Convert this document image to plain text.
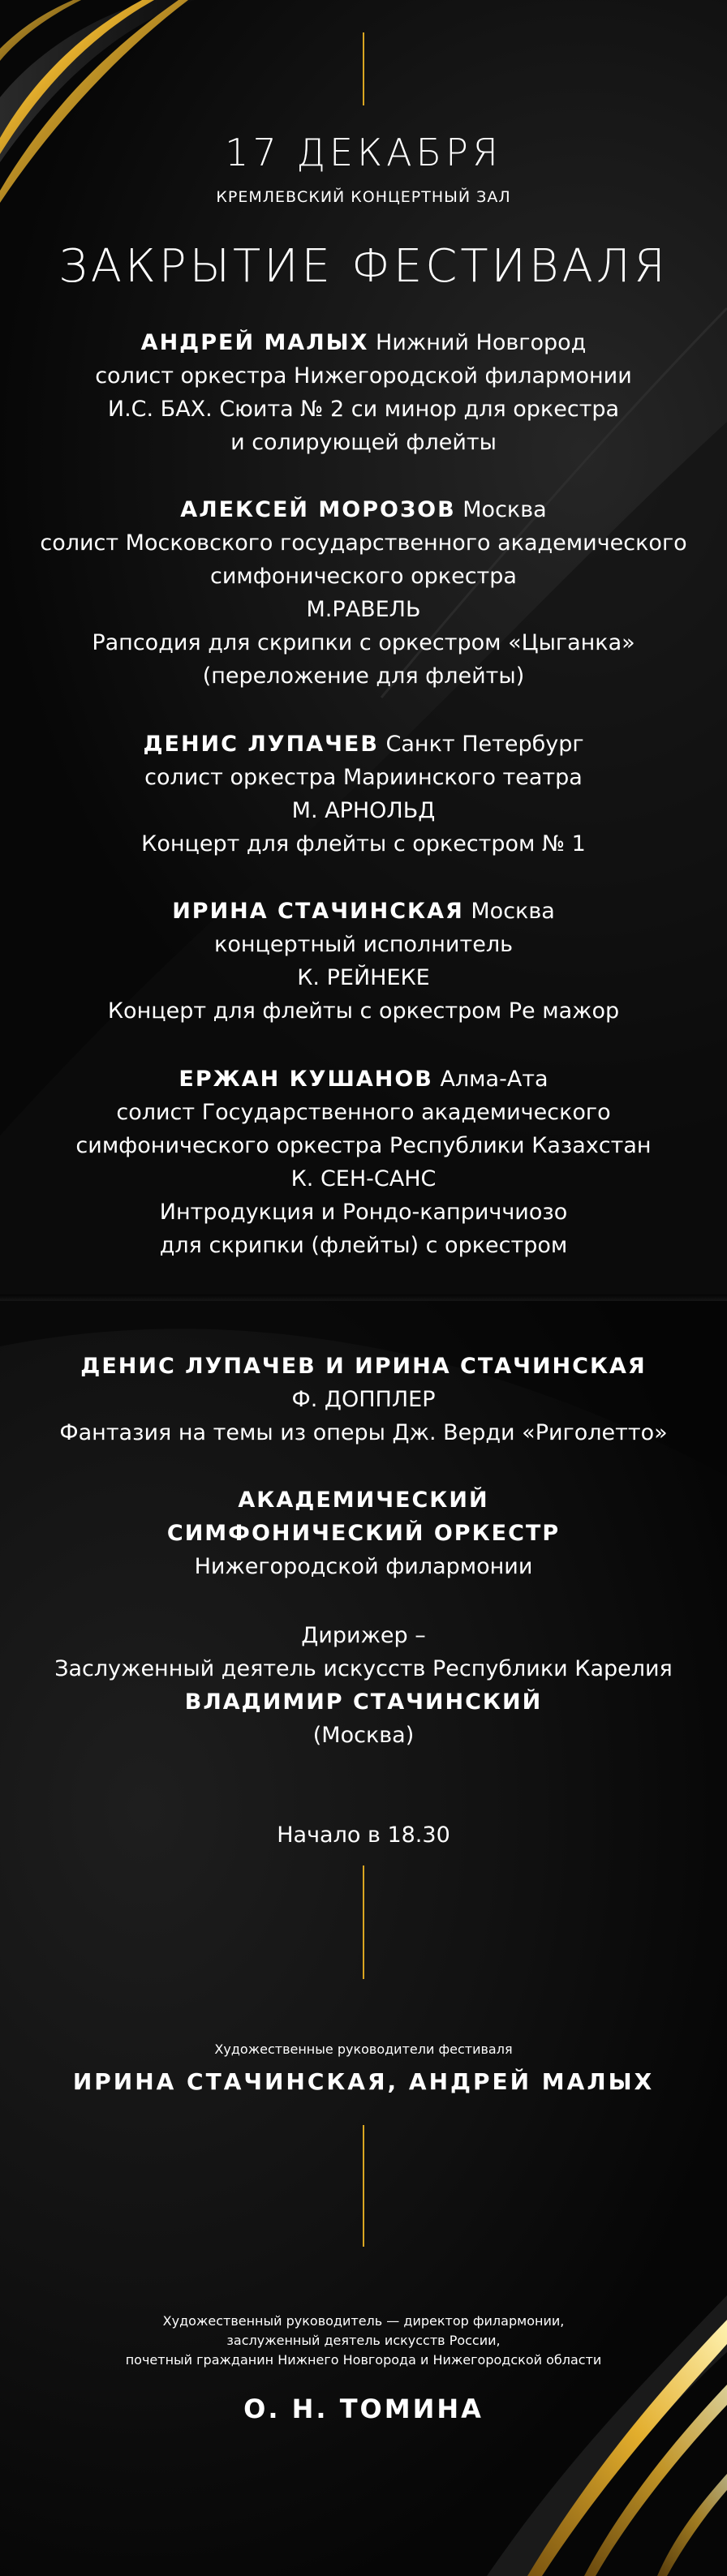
17 ДЕКАБРЯ
КРЕМЛЕВСКИЙ КОНЦЕРТНЫЙ ЗАЛ
ЗАКРЫТИЕ ФЕСТИВАЛЯ

АНДРЕЙ МАЛЫХ Нижний Новгород

солист оркестра Нижегородской филармонии

И.С. БАХ. Сюита № 2 си минор для оркестра

и солирующей флейты

АЛЕКСЕЙ МОРОЗОВ Москва

солист Московского государственного академического

симфонического оркестра

М.РАВЕЛЬ

Рапсодия для скрипки с оркестром «Цыганка»

(переложение для флейты)

ДЕНИС ЛУПАЧЕВ Санкт Петербург

солист оркестра Мариинского театра

М. АРНОЛЬД

Концерт для флейты с оркестром № 1

ИРИНА СТАЧИНСКАЯ Москва

концертный исполнитель

К. РЕЙНЕКЕ

Концерт для флейты с оркестром Ре мажор

ЕРЖАН КУШАНОВ Алма-Ата

солист Государственного академического

симфонического оркестра Республики Казахстан

К. СЕН-САНС

Интродукция и Рондо-каприччиозо

для скрипки (флейты) с оркестром

ДЕНИС ЛУПАЧЕВ И ИРИНА СТАЧИНСКАЯ

Ф. ДОППЛЕР

Фантазия на темы из оперы Дж. Верди «Риголетто»

АКАДЕМИЧЕСКИЙ

СИМФОНИЧЕСКИЙ ОРКЕСТР

Нижегородской филармонии

Дирижер –

Заслуженный деятель искусств Республики Карелия

ВЛАДИМИР СТАЧИНСКИЙ

(Москва)

Начало в 18.30

Художественные руководители фестиваля
ИРИНА СТАЧИНСКАЯ, АНДРЕЙ МАЛЫХ
Художественный руководитель — директор филармонии,
заслуженный деятель искусств России,
почетный гражданин Нижнего Новгорода и Нижегородской области
О. Н. ТОМИНА
